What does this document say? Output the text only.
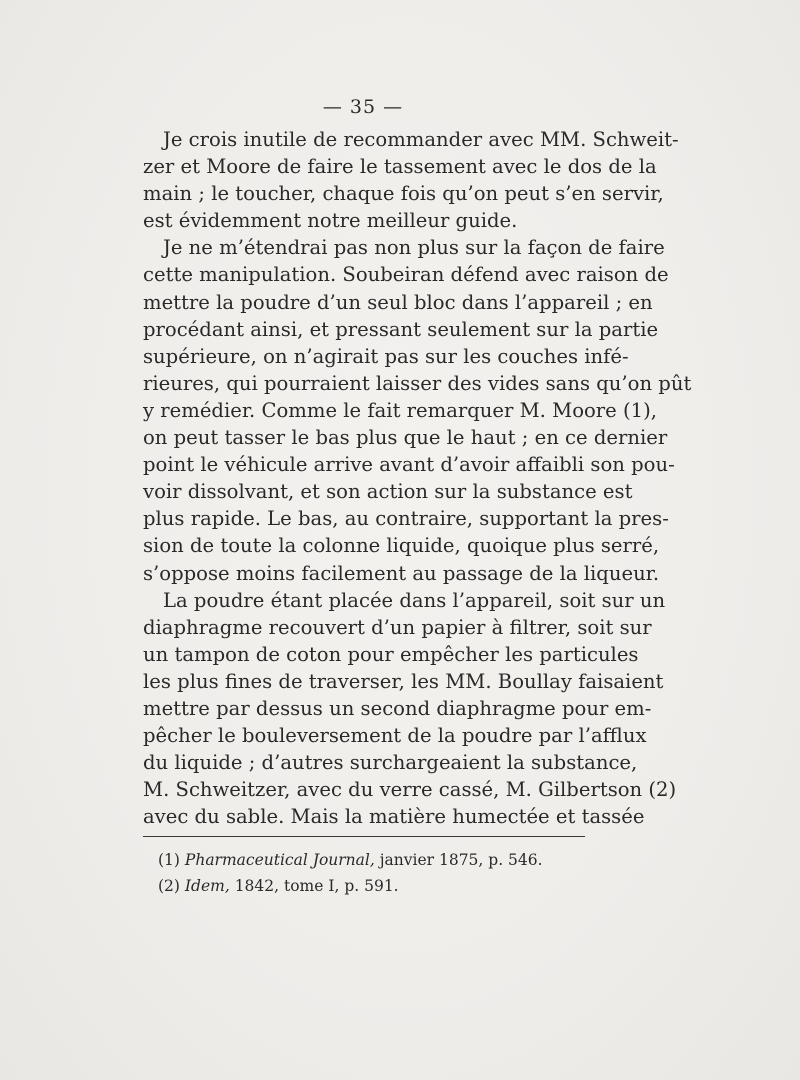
— 35 —
Je crois inutile de recommander avec MM. Schweit-
zer et Moore de faire le tassement avec le dos de la
main ; le toucher, chaque fois qu’on peut s’en servir,
est évidemment notre meilleur guide.
Je ne m’étendrai pas non plus sur la façon de faire
cette manipulation. Soubeiran défend avec raison de
mettre la poudre d’un seul bloc dans l’appareil ; en
procédant ainsi, et pressant seulement sur la partie
supérieure, on n’agirait pas sur les couches infé-
rieures, qui pourraient laisser des vides sans qu’on pût
y remédier. Comme le fait remarquer M. Moore (1),
on peut tasser le bas plus que le haut ; en ce dernier
point le véhicule arrive avant d’avoir affaibli son pou-
voir dissolvant, et son action sur la substance est
plus rapide. Le bas, au contraire, supportant la pres-
sion de toute la colonne liquide, quoique plus serré,
s’oppose moins facilement au passage de la liqueur.
La poudre étant placée dans l’appareil, soit sur un
diaphragme recouvert d’un papier à filtrer, soit sur
un tampon de coton pour empêcher les particules
les plus fines de traverser, les MM. Boullay faisaient
mettre par dessus un second diaphragme pour em-
pêcher le bouleversement de la poudre par l’afflux
du liquide ; d’autres surchargeaient la substance,
M. Schweitzer, avec du verre cassé, M. Gilbertson (2)
avec du sable. Mais la matière humectée et tassée
(1) Pharmaceutical Journal, janvier 1875, p. 546.
(2) Idem, 1842, tome I, p. 591.
